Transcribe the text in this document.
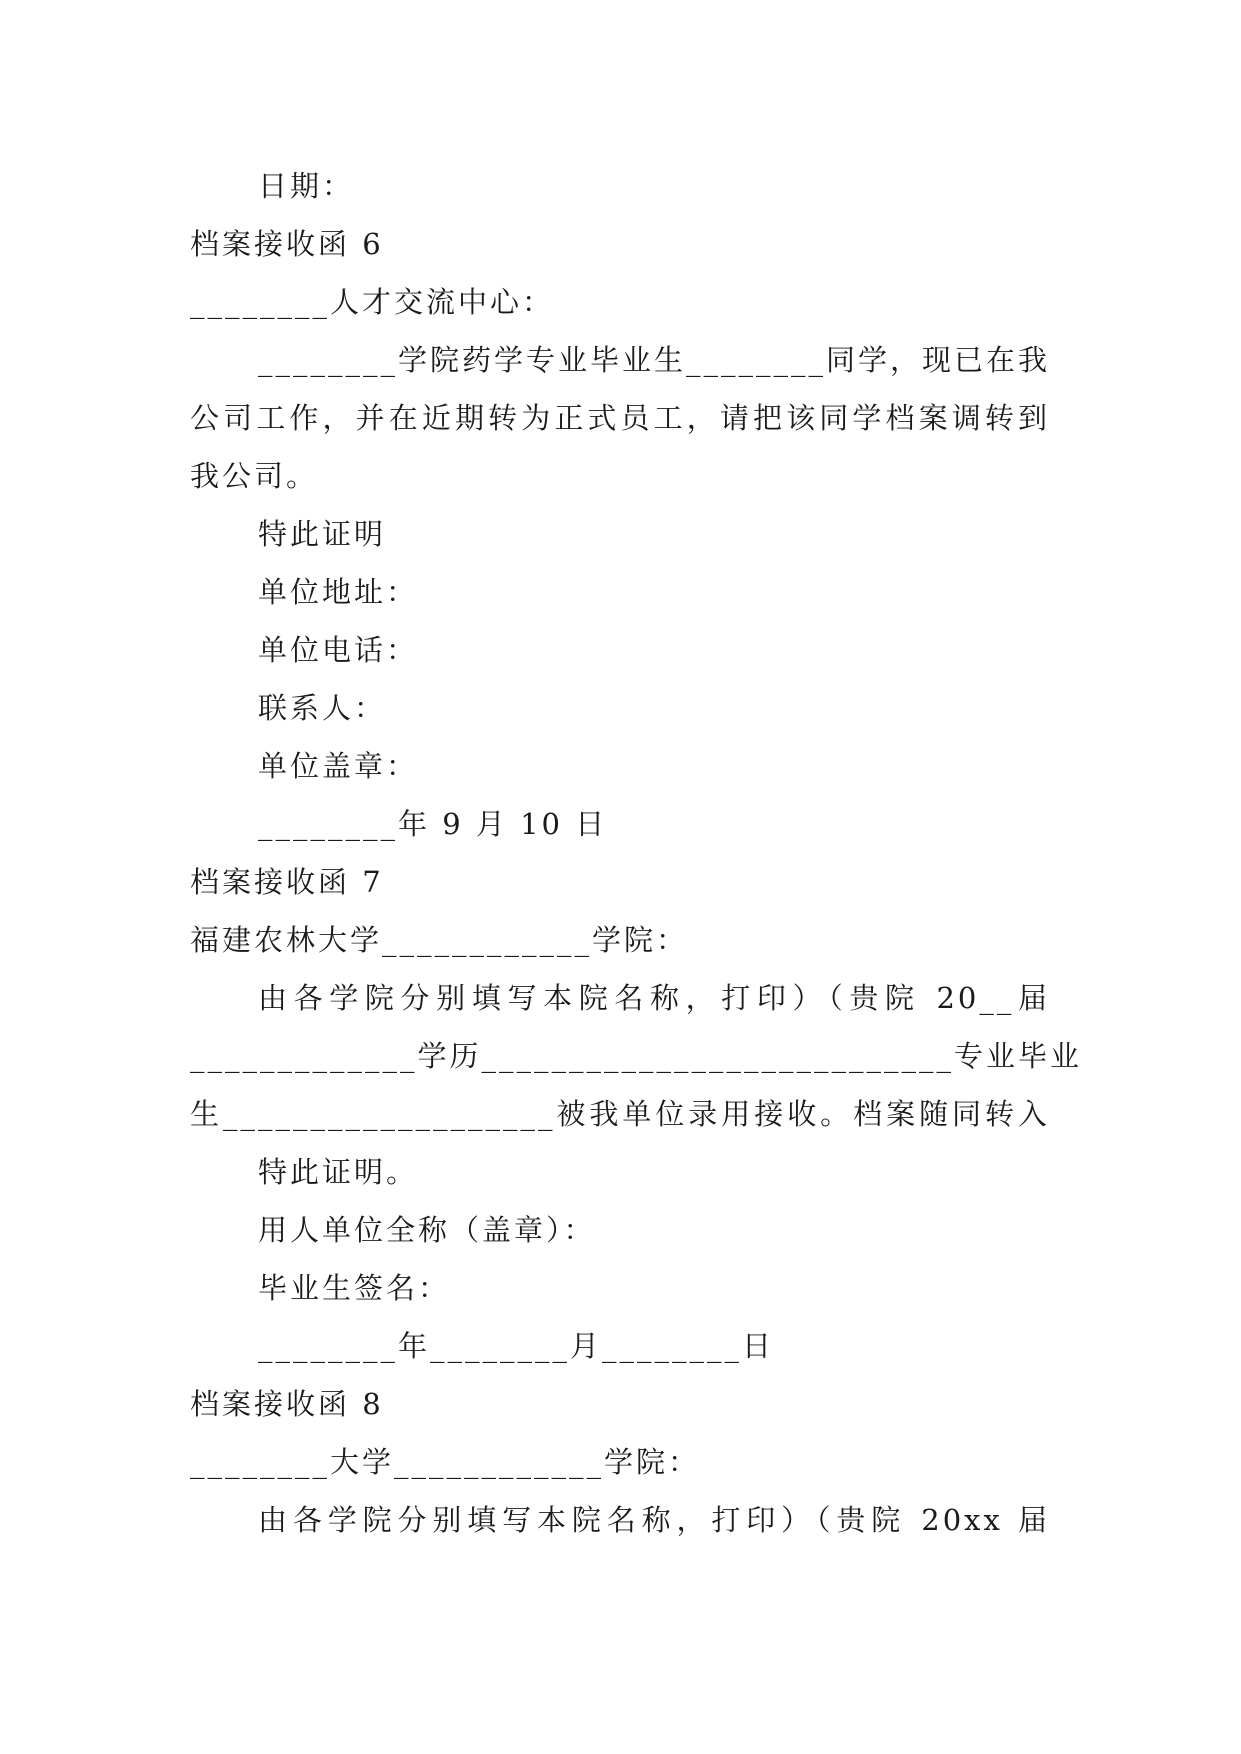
日期：
档案接收函 6
________人才交流中心：
________学院药学专业毕业生________同学，现已在我
公司工作，并在近期转为正式员工，请把该同学档案调转到
我公司。
特此证明
单位地址：
单位电话：
联系人：
单位盖章：
________年 9 月 10 日
档案接收函 7
福建农林大学____________学院：
由各学院分别填写本院名称，打印）（贵院 20__届
_____________学历___________________________专业毕业
生___________________被我单位录用接收。档案随同转入
特此证明。
用人单位全称（盖章）：
毕业生签名：
________年________月________日
档案接收函 8
________大学____________学院：
由各学院分别填写本院名称，打印）（贵院 20xx 届
